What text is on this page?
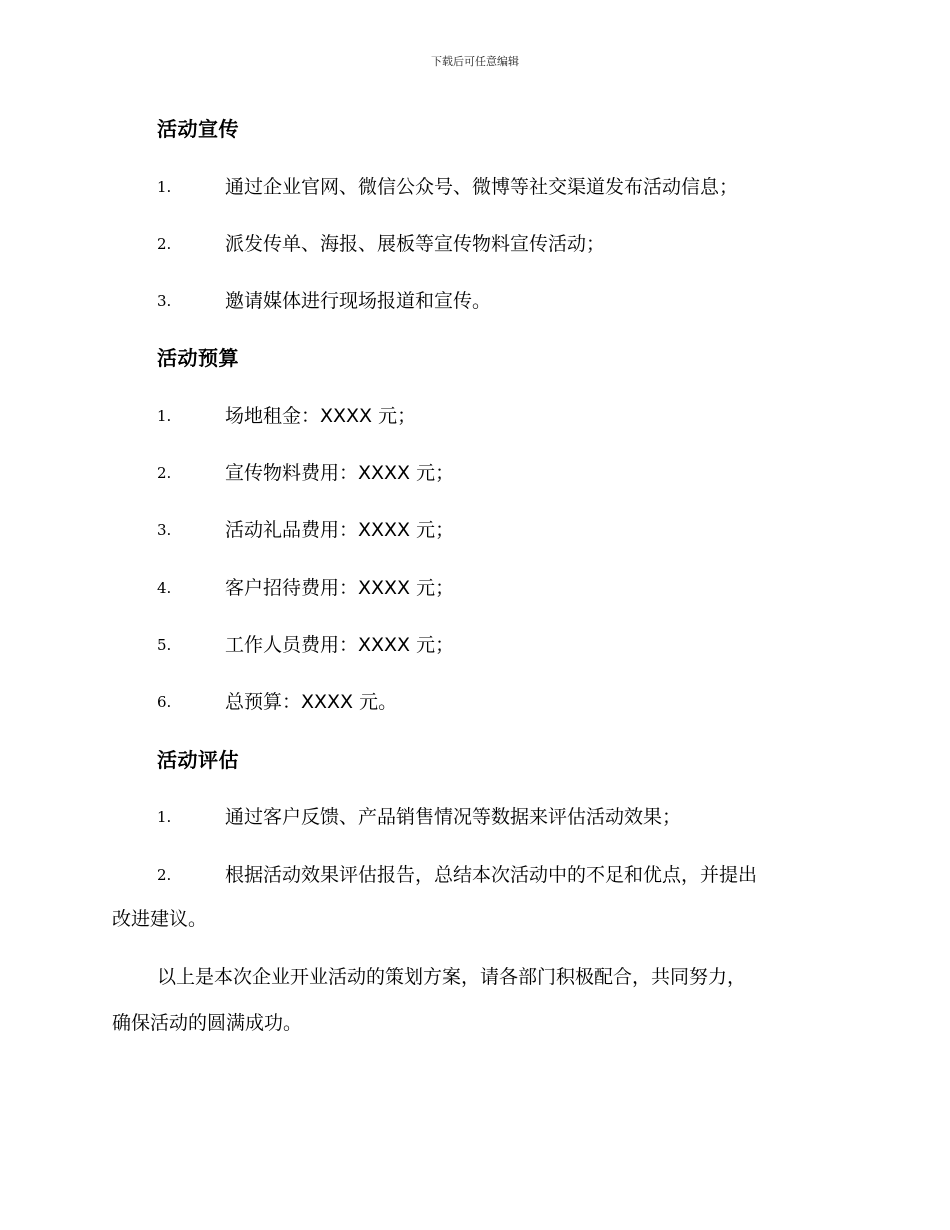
下载后可任意编辑
活动宣传
1.	通过企业官网、微信公众号、微博等社交渠道发布活动信息；
2.	派发传单、海报、展板等宣传物料宣传活动；
3.	邀请媒体进行现场报道和宣传。
活动预算
1.	场地租金：XXXX 元；
2.	宣传物料费用：XXXX 元；
3.	活动礼品费用：XXXX 元；
4.	客户招待费用：XXXX 元；
5.	工作人员费用：XXXX 元；
6.	总预算：XXXX 元。
活动评估
1.	通过客户反馈、产品销售情况等数据来评估活动效果；
2.	根据活动效果评估报告，总结本次活动中的不足和优点，并提出
改进建议。
以上是本次企业开业活动的策划方案，请各部门积极配合，共同努力，
确保活动的圆满成功。
